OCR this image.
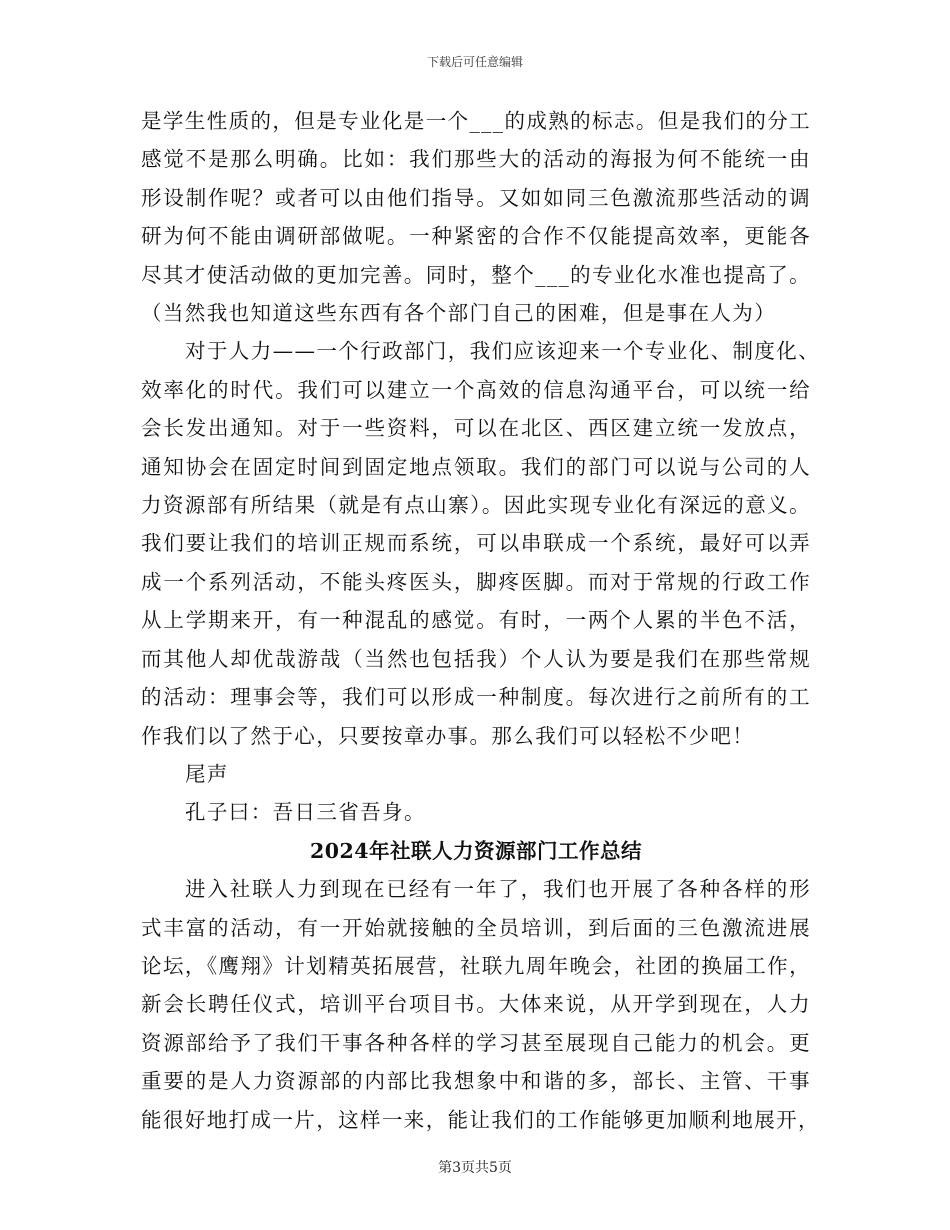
下载后可任意编辑
是学生性质的，但是专业化是一个___的成熟的标志。但是我们的分工
感觉不是那么明确。比如：我们那些大的活动的海报为何不能统一由
形设制作呢？或者可以由他们指导。又如如同三色激流那些活动的调
研为何不能由调研部做呢。一种紧密的合作不仅能提高效率，更能各
尽其才使活动做的更加完善。同时，整个___的专业化水准也提高了。
（当然我也知道这些东西有各个部门自己的困难，但是事在人为）
对于人力——一个行政部门，我们应该迎来一个专业化、制度化、
效率化的时代。我们可以建立一个高效的信息沟通平台，可以统一给
会长发出通知。对于一些资料，可以在北区、西区建立统一发放点，
通知协会在固定时间到固定地点领取。我们的部门可以说与公司的人
力资源部有所结果（就是有点山寨）。因此实现专业化有深远的意义。
我们要让我们的培训正规而系统，可以串联成一个系统，最好可以弄
成一个系列活动，不能头疼医头，脚疼医脚。而对于常规的行政工作
从上学期来开，有一种混乱的感觉。有时，一两个人累的半色不活，
而其他人却优哉游哉（当然也包括我）个人认为要是我们在那些常规
的活动：理事会等，我们可以形成一种制度。每次进行之前所有的工
作我们以了然于心，只要按章办事。那么我们可以轻松不少吧！
尾声
孔子曰：吾日三省吾身。
2024年社联人力资源部门工作总结
进入社联人力到现在已经有一年了，我们也开展了各种各样的形
式丰富的活动，有一开始就接触的全员培训，到后面的三色激流进展
论坛，《鹰翔》计划精英拓展营，社联九周年晚会，社团的换届工作，
新会长聘任仪式，培训平台项目书。大体来说，从开学到现在，人力
资源部给予了我们干事各种各样的学习甚至展现自己能力的机会。更
重要的是人力资源部的内部比我想象中和谐的多，部长、主管、干事
能很好地打成一片，这样一来，能让我们的工作能够更加顺利地展开，
第3页共5页
